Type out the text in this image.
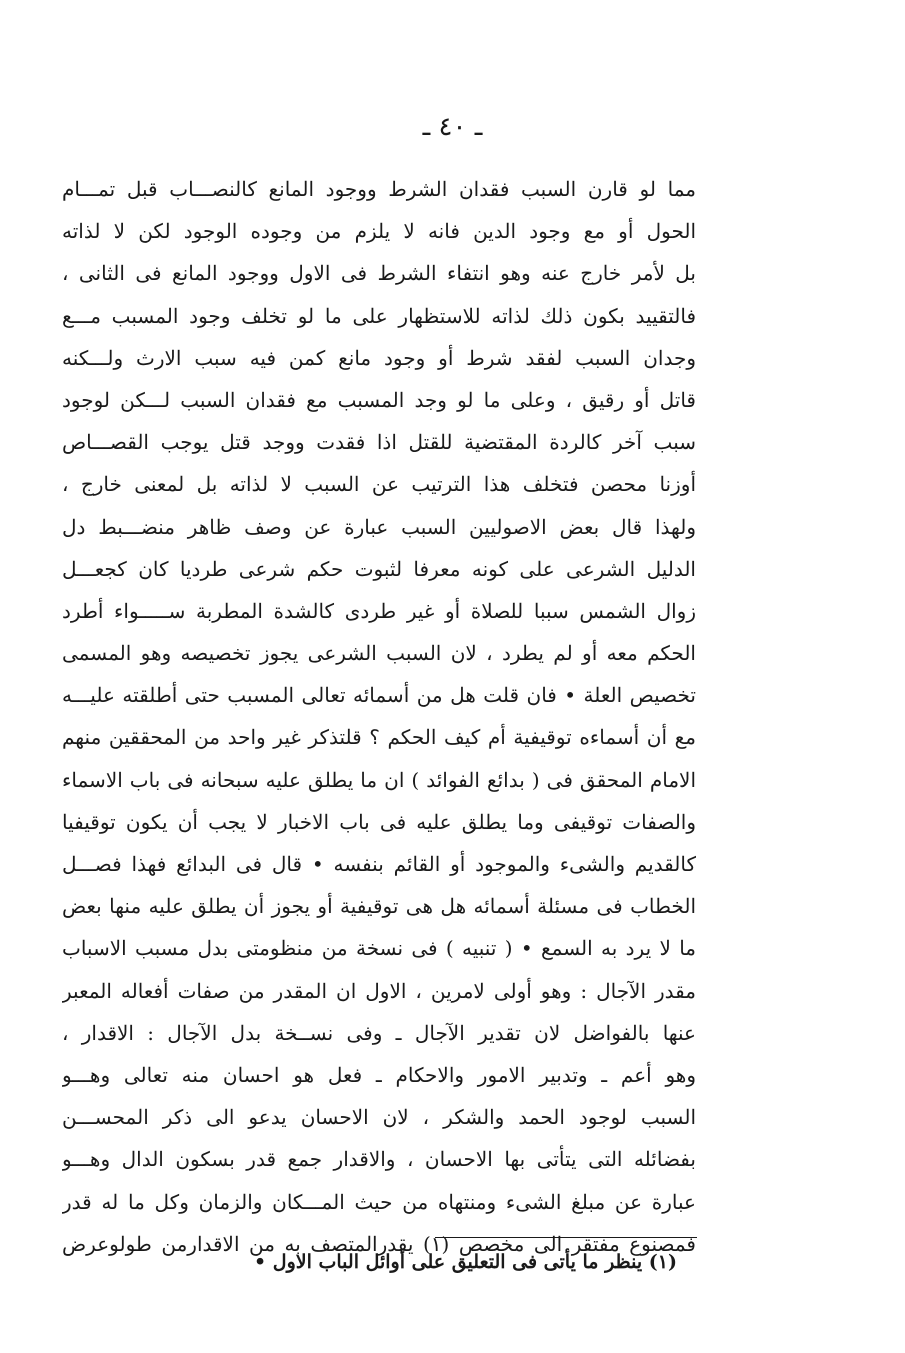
ـ ٤٠ ـ
مما لو قارن السبب فقدان الشرط ووجود المانع كالنصـــاب قبل تمـــام
الحول أو مع وجود الدين فانه لا يلزم من وجوده الوجود لكن لا لذاته
بل لأمر خارج عنه وهو انتفاء الشرط فى الاول ووجود المانع فى الثانى ،
فالتقييد بكون ذلك لذاته للاستظهار على ما لو تخلف وجود المسبب مـــع
وجدان السبب لفقد شرط أو وجود مانع كمن فيه سبب الارث ولـــكنه
قاتل أو رقيق ، وعلى ما لو وجد المسبب مع فقدان السبب لـــكن لوجود
سبب آخر كالردة المقتضية للقتل اذا فقدت ووجد قتل يوجب القصـــاص
أوزنا محصن فتخلف هذا الترتيب عن السبب لا لذاته بل لمعنى خارج ،
ولهذا قال بعض الاصوليين السبب عبارة عن وصف ظاهر منضـــبط دل
الدليل الشرعى على كونه معرفا لثبوت حكم شرعى طرديا كان كجعـــل
زوال الشمس سببا للصلاة أو غير طردى كالشدة المطربة ســـــواء أطرد
الحكم معه أو لم يطرد ، لان السبب الشرعى يجوز تخصيصه وهو المسمى
تخصيص العلة • فان قلت هل من أسمائه تعالى المسبب حتى أطلقته عليـــه
مع أن أسماءه توقيفية أم كيف الحكم ؟ قلتذكر غير واحد من المحققين منهم
الامام المحقق فى ( بدائع الفوائد ) ان ما يطلق عليه سبحانه فى باب الاسماء
والصفات توقيفى وما يطلق عليه فى باب الاخبار لا يجب أن يكون توقيفيا
كالقديم والشىء والموجود أو القائم بنفسه • قال فى البدائع فهذا فصـــل
الخطاب فى مسئلة أسمائه هل هى توقيفية أو يجوز أن يطلق عليه منها بعض
ما لا يرد به السمع • ( تنبيه ) فى نسخة من منظومتى بدل مسبب الاسباب
مقدر الآجال : وهو أولى لامرين ، الاول ان المقدر من صفات أفعاله المعبر
عنها بالفواضل لان تقدير الآجال ـ وفى نســخة بدل الآجال : الاقدار ،
وهو أعم ـ وتدبير الامور والاحكام ـ فعل هو احسان منه تعالى وهـــو
السبب لوجود الحمد والشكر ، لان الاحسان يدعو الى ذكر المحســـن
بفضائله التى يتأتى بها الاحسان ، والاقدار جمع قدر بسكون الدال وهـــو
عبارة عن مبلغ الشىء ومنتهاه من حيث المـــكان والزمان وكل ما له قدر
فمصنوع مفتقر الى مخصص (١) يقدرالمتصف به من الاقدارمن طولوعرض
(١) ينظر ما يأتى فى التعليق على أوائل الباب الاول •
